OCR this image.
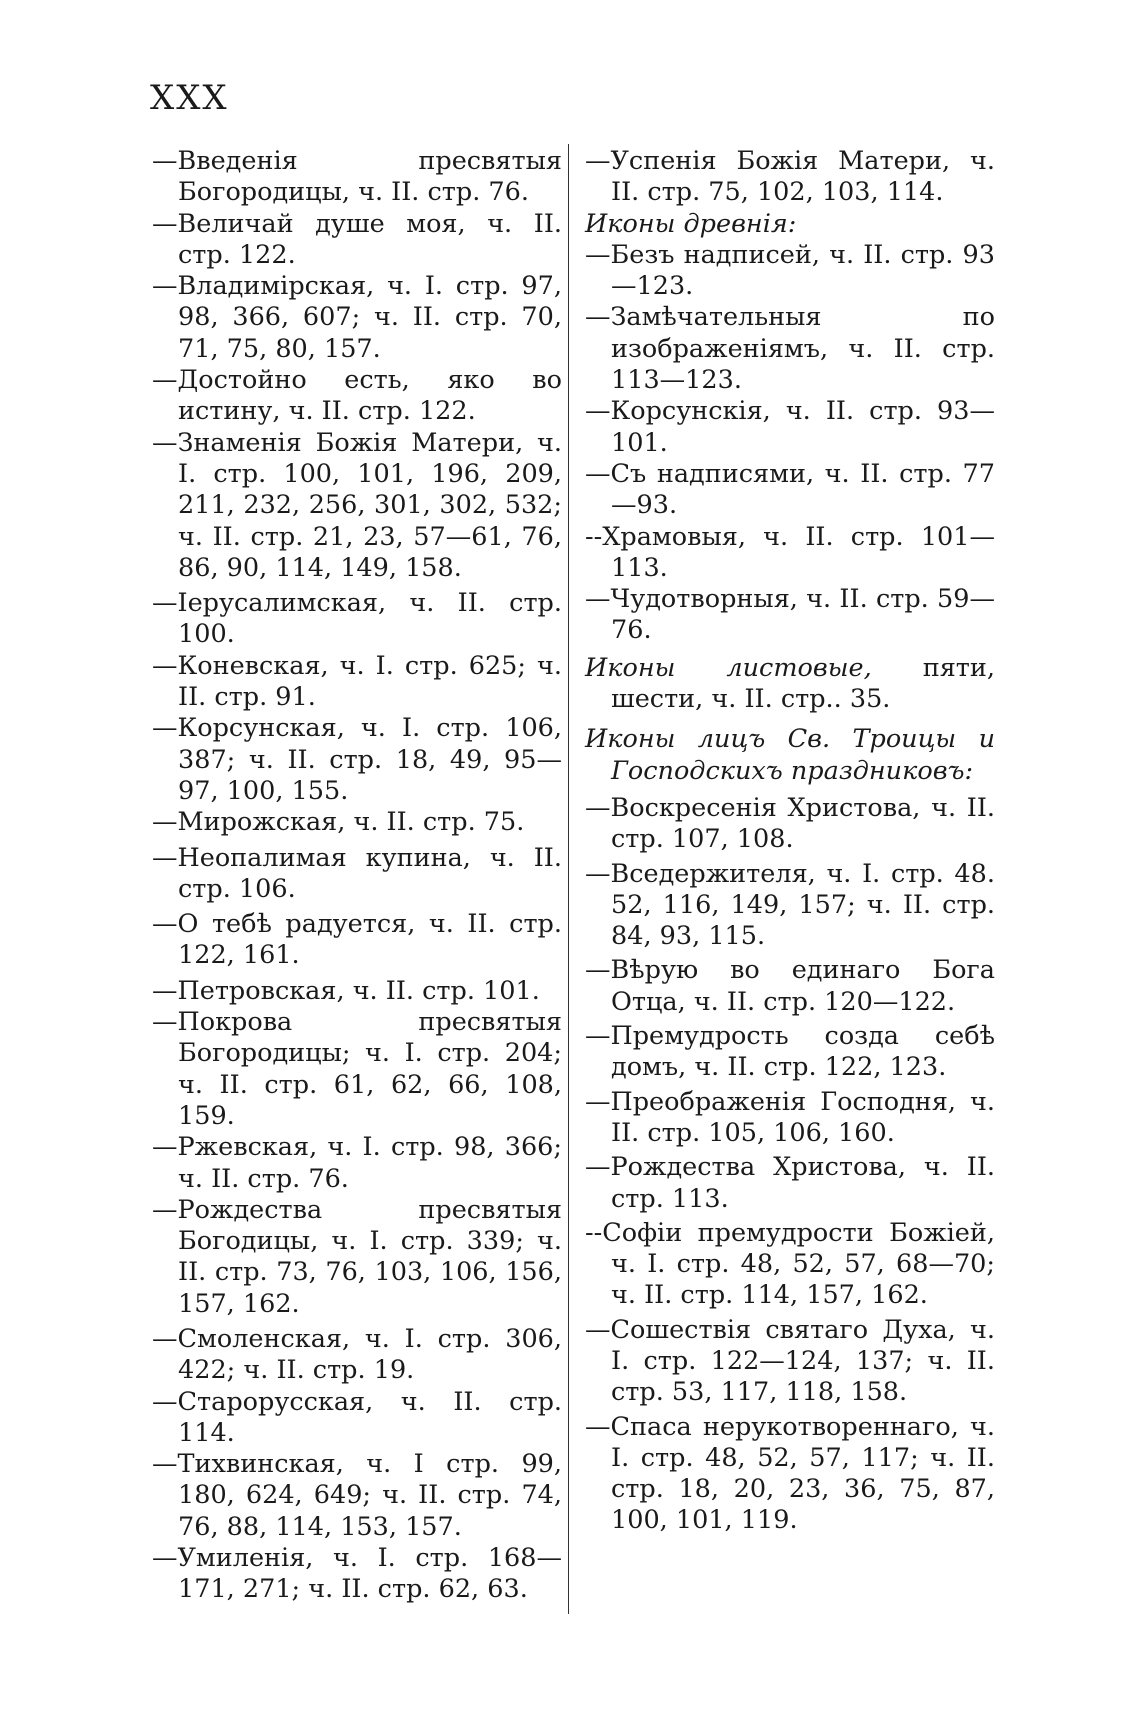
XXX

—Введенія пресвятыя Богородицы, ч. II. стр. 76.

—Величай душе моя, ч. II. стр. 122.

—Владимірская, ч. I. стр. 97, 98, 366, 607; ч. II. стр. 70, 71, 75, 80, 157.

—Достойно есть, яко во истину, ч. II. стр. 122.

—Знаменія Божія Матери, ч. I. стр. 100, 101, 196, 209, 211, 232, 256, 301, 302, 532; ч. II. стр. 21, 23, 57—61, 76, 86, 90, 114, 149, 158.

—Іерусалимская, ч. II. стр. 100.

—Коневская, ч. I. стр. 625; ч. II. стр. 91.

—Корсунская, ч. I. стр. 106, 387; ч. II. стр. 18, 49, 95—97, 100, 155.

—Мирожская, ч. II. стр. 75.

—Неопалимая купина, ч. II. стр. 106.

—О тебѣ радуется, ч. II. стр. 122, 161.

—Петровская, ч. II. стр. 101.

—Покрова пресвятыя Богородицы; ч. I. стр. 204; ч. II. стр. 61, 62, 66, 108, 159.

—Ржевская, ч. I. стр. 98, 366; ч. II. стр. 76.

—Рождества пресвятыя Богодицы, ч. I. стр. 339; ч. II. стр. 73, 76, 103, 106, 156, 157, 162.

—Смоленская, ч. I. стр. 306, 422; ч. II. стр. 19.

—Старорусская, ч. II. стр. 114.

—Тихвинская, ч. I стр. 99, 180, 624, 649; ч. II. стр. 74, 76, 88, 114, 153, 157.

—Умиленія, ч. I. стр. 168—171, 271; ч. II. стр. 62, 63.

—Успенія Божія Матери, ч. II. стр. 75, 102, 103, 114.

Иконы древнія:

—Безъ надписей, ч. II. стр. 93—123.

—Замѣчательныя по изображеніямъ, ч. II. стр. 113—123.

—Корсунскія, ч. II. стр. 93—101.

—Съ надписями, ч. II. стр. 77—93.

--Храмовыя, ч. II. стр. 101—113.

—Чудотворныя, ч. II. стр. 59—76.

Иконы листовые, пяти, шести, ч. II. стр.. 35.

Иконы лицъ Св. Троицы и Господскихъ праздниковъ:

—Воскресенія Христова, ч. II. стр. 107, 108.

—Вседержителя, ч. I. стр. 48. 52, 116, 149, 157; ч. II. стр. 84, 93, 115.

—Вѣрую во единаго Бога Отца, ч. II. стр. 120—122.

—Премудрость созда себѣ домъ, ч. II. стр. 122, 123.

—Преображенія Господня, ч. II. стр. 105, 106, 160.

—Рождества Христова, ч. II. стр. 113.

--Софіи премудрости Божіей, ч. I. стр. 48, 52, 57, 68—70; ч. II. стр. 114, 157, 162.

—Сошествія святаго Духа, ч. I. стр. 122—124, 137; ч. II. стр. 53, 117, 118, 158.

—Спаса нерукотвореннаго, ч. I. стр. 48, 52, 57, 117; ч. II. стр. 18, 20, 23, 36, 75, 87, 100, 101, 119.
